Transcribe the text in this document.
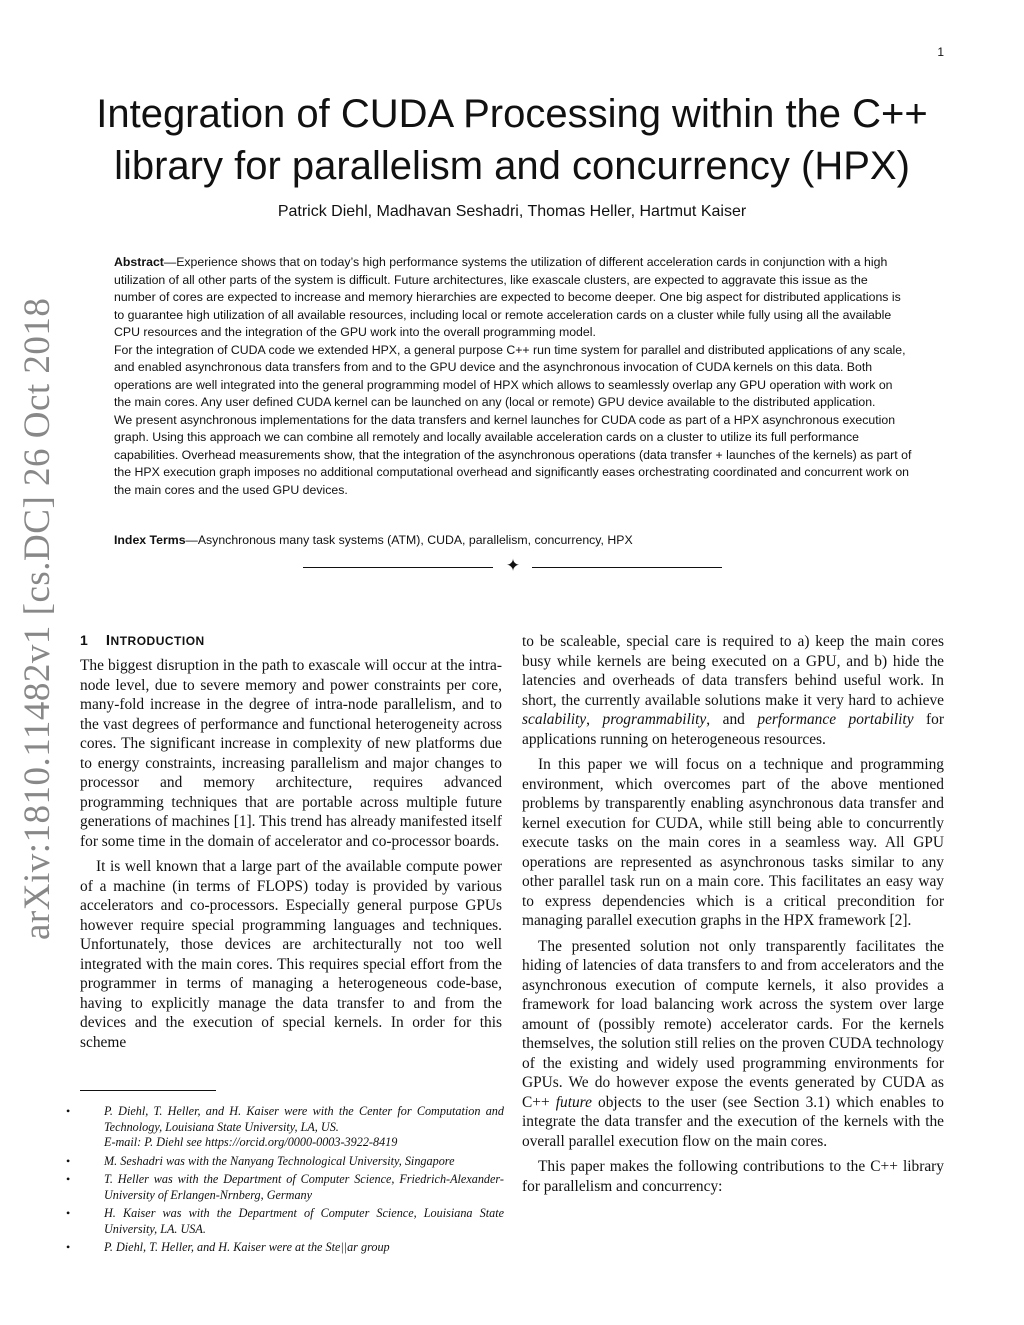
1
arXiv:1810.11482v1 [cs.DC] 26 Oct 2018
Integration of CUDA Processing within the C++
library for parallelism and concurrency (HPX)
Patrick Diehl, Madhavan Seshadri, Thomas Heller, Hartmut Kaiser

Abstract—Experience shows that on today’s high performance systems the utilization of different acceleration cards in conjunction with a high utilization of all other parts of the system is difficult. Future architectures, like exascale clusters, are expected to aggravate this issue as the number of cores are expected to increase and memory hierarchies are expected to become deeper. One big aspect for distributed applications is to guarantee high utilization of all available resources, including local or remote acceleration cards on a cluster while fully using all the available CPU resources and the integration of the GPU work into the overall programming model.

For the integration of CUDA code we extended HPX, a general purpose C++ run time system for parallel and distributed applications of any scale, and enabled asynchronous data transfers from and to the GPU device and the asynchronous invocation of CUDA kernels on this data. Both operations are well integrated into the general programming model of HPX which allows to seamlessly overlap any GPU operation with work on the main cores. Any user defined CUDA kernel can be launched on any (local or remote) GPU device available to the distributed application.

We present asynchronous implementations for the data transfers and kernel launches for CUDA code as part of a HPX asynchronous execution graph. Using this approach we can combine all remotely and locally available acceleration cards on a cluster to utilize its full performance capabilities. Overhead measurements show, that the integration of the asynchronous operations (data transfer + launches of the kernels) as part of the HPX execution graph imposes no additional computational overhead and significantly eases orchestrating coordinated and concurrent work on the main cores and the used GPU devices.

Index Terms—Asynchronous many task systems (ATM), CUDA, parallelism, concurrency, HPX
✦
1 INTRODUCTION

The biggest disruption in the path to exascale will occur at the intra-node level, due to severe memory and power constraints per core, many-fold increase in the degree of intra-node parallelism, and to the vast degrees of performance and functional heterogeneity across cores. The significant increase in complexity of new platforms due to energy constraints, increasing parallelism and major changes to processor and memory architecture, requires advanced programming techniques that are portable across multiple future generations of machines [1]. This trend has already manifested itself for some time in the domain of accelerator and co-processor boards.

It is well known that a large part of the available compute power of a machine (in terms of FLOPS) today is provided by various accelerators and co-processors. Especially general purpose GPUs however require special programming languages and techniques. Unfortunately, those devices are architecturally not too well integrated with the main cores. This requires special effort from the programmer in terms of managing a heterogeneous code-base, having to explicitly manage the data transfer to and from the devices and the execution of special kernels. In order for this scheme

• P. Diehl, T. Heller, and H. Kaiser were with the Center for Computation and Technology, Louisiana State University, LA, US.
E-mail: P. Diehl see https://orcid.org/0000-0003-3922-8419
• M. Seshadri was with the Nanyang Technological University, Singapore
• T. Heller was with the Department of Computer Science, Friedrich-Alexander-University of Erlangen-Nrnberg, Germany
• H. Kaiser was with the Department of Computer Science, Louisiana State University, LA. USA.
• P. Diehl, T. Heller, and H. Kaiser were at the Ste||ar group

to be scaleable, special care is required to a) keep the main cores busy while kernels are being executed on a GPU, and b) hide the latencies and overheads of data transfers behind useful work. In short, the currently available solutions make it very hard to achieve scalability, programmability, and performance portability for applications running on heterogeneous resources.

In this paper we will focus on a technique and programming environment, which overcomes part of the above mentioned problems by transparently enabling asynchronous data transfer and kernel execution for CUDA, while still being able to concurrently execute tasks on the main cores in a seamless way. All GPU operations are represented as asynchronous tasks similar to any other parallel task run on a main core. This facilitates an easy way to express dependencies which is a critical precondition for managing parallel execution graphs in the HPX framework [2].

The presented solution not only transparently facilitates the hiding of latencies of data transfers to and from accelerators and the asynchronous execution of compute kernels, it also provides a framework for load balancing work across the system over large amount of (possibly remote) accelerator cards. For the kernels themselves, the solution still relies on the proven CUDA technology of the existing and widely used programming environments for GPUs. We do however expose the events generated by CUDA as C++ future objects to the user (see Section 3.1) which enables to integrate the data transfer and the execution of the kernels with the overall parallel execution flow on the main cores.

This paper makes the following contributions to the C++ library for parallelism and concurrency:
